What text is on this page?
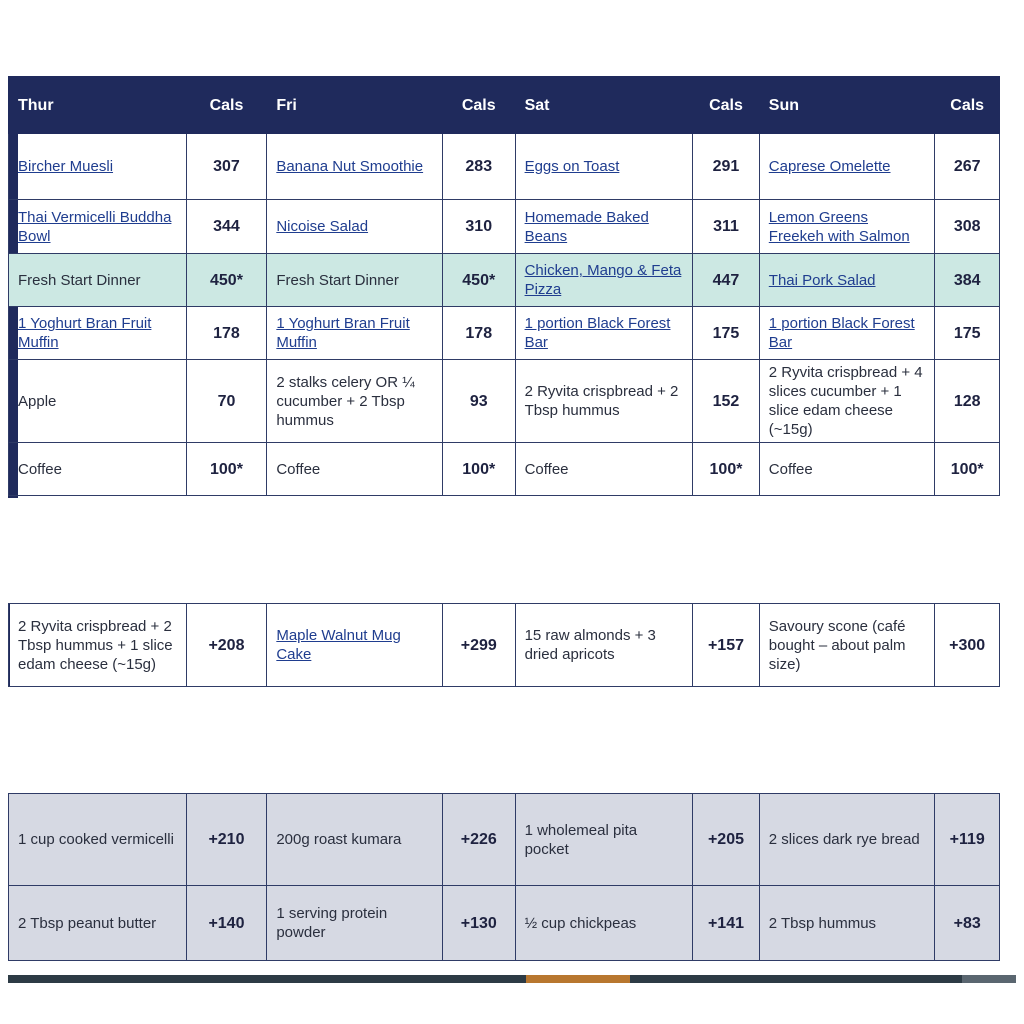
Thur	Cals	Fri	Cals	Sat	Cals	Sun	Cals
Bircher Muesli	307	Banana Nut Smoothie	283	Eggs on Toast	291	Caprese Omelette	267
Thai Vermicelli Buddha Bowl	344	Nicoise Salad	310	Homemade Baked Beans	311	Lemon Greens Freekeh with Salmon	308
Fresh Start Dinner	450*	Fresh Start Dinner	450*	Chicken, Mango & Feta Pizza	447	Thai Pork Salad	384
1 Yoghurt Bran Fruit Muffin	178	1 Yoghurt Bran Fruit Muffin	178	1 portion Black Forest Bar	175	1 portion Black Forest Bar	175
Apple	70	2 stalks celery OR ¼ cucumber + 2 Tbsp hummus	93	2 Ryvita crispbread + 2 Tbsp hummus	152	2 Ryvita crispbread + 4 slices cucumber + 1 slice edam cheese (~15g)	128
Coffee	100*	Coffee	100*	Coffee	100*	Coffee	100*
2 Ryvita crispbread + 2 Tbsp hummus + 1 slice edam cheese (~15g)	+208	Maple Walnut Mug Cake	+299	15 raw almonds + 3 dried apricots	+157	Savoury scone (café bought – about palm size)	+300
1 cup cooked vermicelli	+210	200g roast kumara	+226	1 wholemeal pita pocket	+205	2 slices dark rye bread	+119
2 Tbsp peanut butter	+140	1 serving protein powder	+130	½ cup chickpeas	+141	2 Tbsp hummus	+83
